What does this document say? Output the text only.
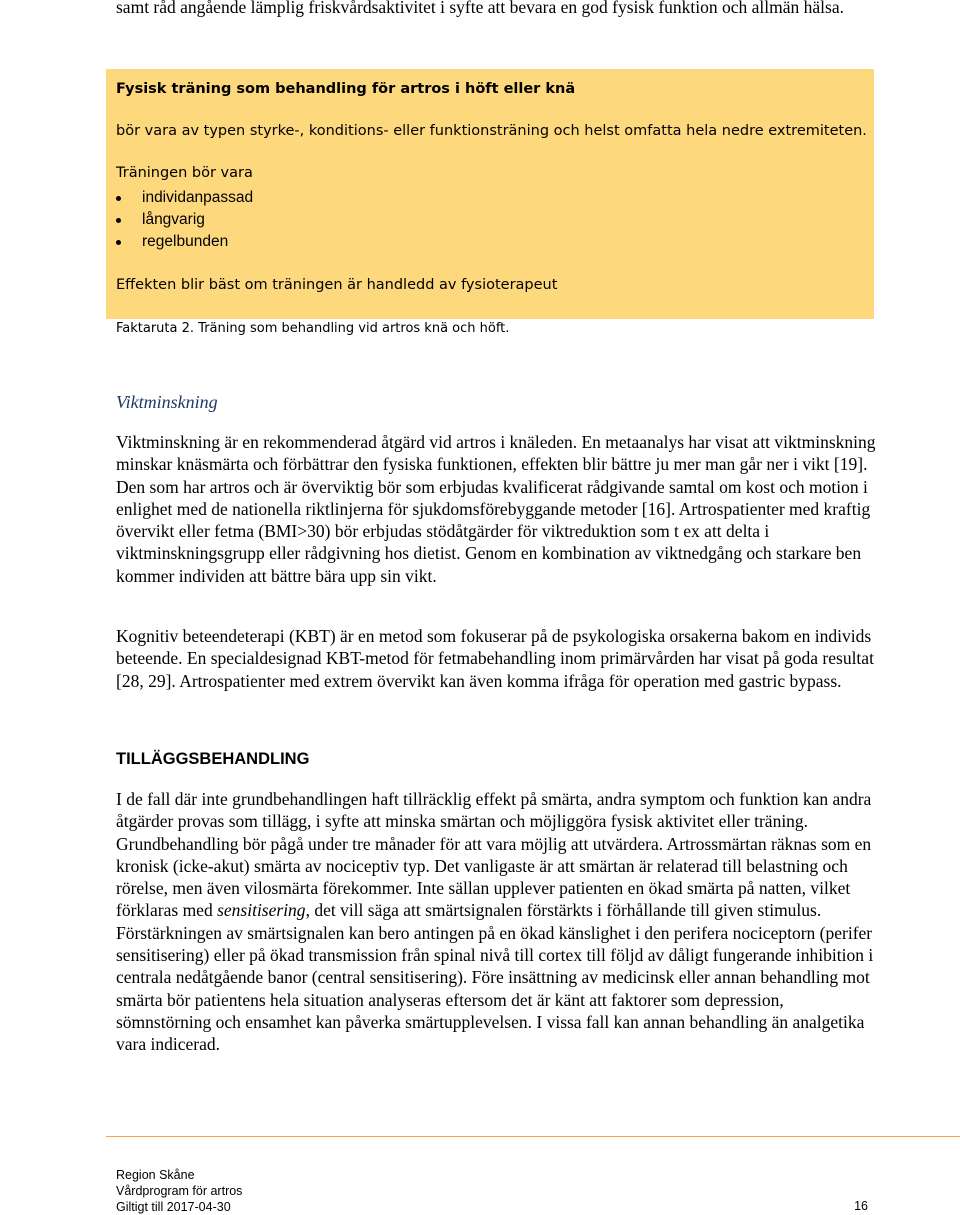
samt råd angående lämplig friskvårdsaktivitet i syfte att bevara en god fysisk funktion och allmän hälsa.
Fysisk träning som behandling för artros i höft eller knä
bör vara av typen styrke-, konditions- eller funktionsträning och helst omfatta hela nedre extremiteten.
Träningen bör vara
individanpassad
långvarig
regelbunden
Effekten blir bäst om träningen är handledd av fysioterapeut
Faktaruta 2. Träning som behandling vid artros knä och höft.
Viktminskning

Viktminskning är en rekommenderad åtgärd vid artros i knäleden. En metaanalys har visat att viktminskning minskar knäsmärta och förbättrar den fysiska funktionen, effekten blir bättre ju mer man går ner i vikt [19]. Den som har artros och är överviktig bör som erbjudas kvalificerat rådgivande samtal om kost och motion i enlighet med de nationella riktlinjerna för sjukdomsförebyggande metoder [16]. Artrospatienter med kraftig övervikt eller fetma (BMI>30) bör erbjudas stödåtgärder för viktreduktion som t ex att delta i viktminskningsgrupp eller rådgivning hos dietist. Genom en kombination av viktnedgång och starkare ben kommer individen att bättre bära upp sin vikt.

Kognitiv beteendeterapi (KBT) är en metod som fokuserar på de psykologiska orsakerna bakom en individs beteende. En specialdesignad KBT-metod för fetmabehandling inom primärvården har visat på goda resultat [28, 29]. Artrospatienter med extrem övervikt kan även komma ifråga för operation med gastric bypass.

TILLÄGGSBEHANDLING

I de fall där inte grundbehandlingen haft tillräcklig effekt på smärta, andra symptom och funktion kan andra åtgärder provas som tillägg, i syfte att minska smärtan och möjliggöra fysisk aktivitet eller träning. Grundbehandling bör pågå under tre månader för att vara möjlig att utvärdera. Artrossmärtan räknas som en kronisk (icke-akut) smärta av nociceptiv typ. Det vanligaste är att smärtan är relaterad till belastning och rörelse, men även vilosmärta förekommer. Inte sällan upplever patienten en ökad smärta på natten, vilket förklaras med sensitisering, det vill säga att smärtsignalen förstärkts i förhållande till given stimulus. Förstärkningen av smärtsignalen kan bero antingen på en ökad känslighet i den perifera nociceptorn (perifer sensitisering) eller på ökad transmission från spinal nivå till cortex till följd av dåligt fungerande inhibition i centrala nedåtgående banor (central sensitisering). Före insättning av medicinsk eller annan behandling mot smärta bör patientens hela situation analyseras eftersom det är känt att faktorer som depression, sömnstörning och ensamhet kan påverka smärtupplevelsen. I vissa fall kan annan behandling än analgetika vara indicerad.

Region Skåne
Vårdprogram för artros
Giltigt till 2017-04-30	16
